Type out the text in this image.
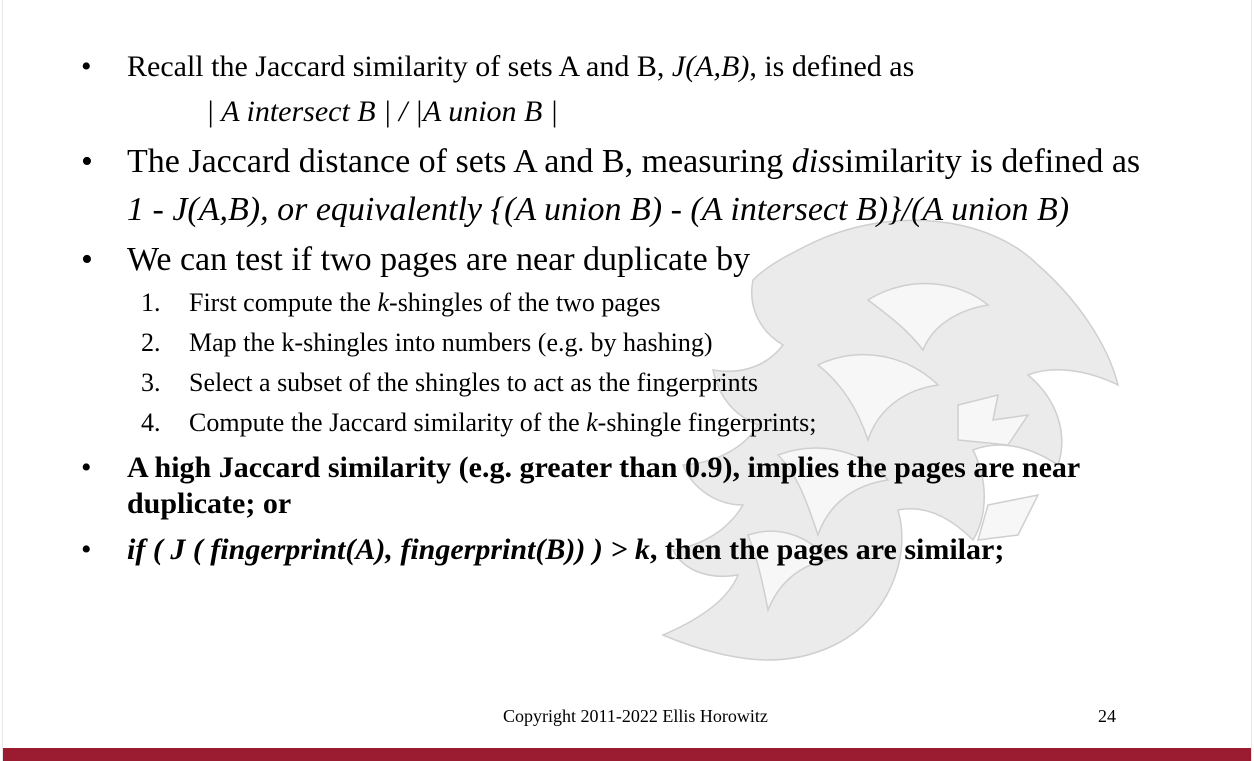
• Recall the Jaccard similarity of sets A and B, J(A,B), is defined as
| A intersect B | / |A union B |
• The Jaccard distance of sets A and B, measuring dissimilarity is defined as
1 - J(A,B), or equivalently {(A union B) - (A intersect B)}/(A union B)
• We can test if two pages are near duplicate by
1. First compute the k-shingles of the two pages
2. Map the k-shingles into numbers (e.g. by hashing)
3. Select a subset of the shingles to act as the fingerprints
4. Compute the Jaccard similarity of the k-shingle fingerprints;
• A high Jaccard similarity (e.g. greater than 0.9), implies the pages are near
duplicate; or
• if ( J ( fingerprint(A), fingerprint(B)) ) > k, then the pages are similar;
Copyright 2011-2022 Ellis Horowitz	24
